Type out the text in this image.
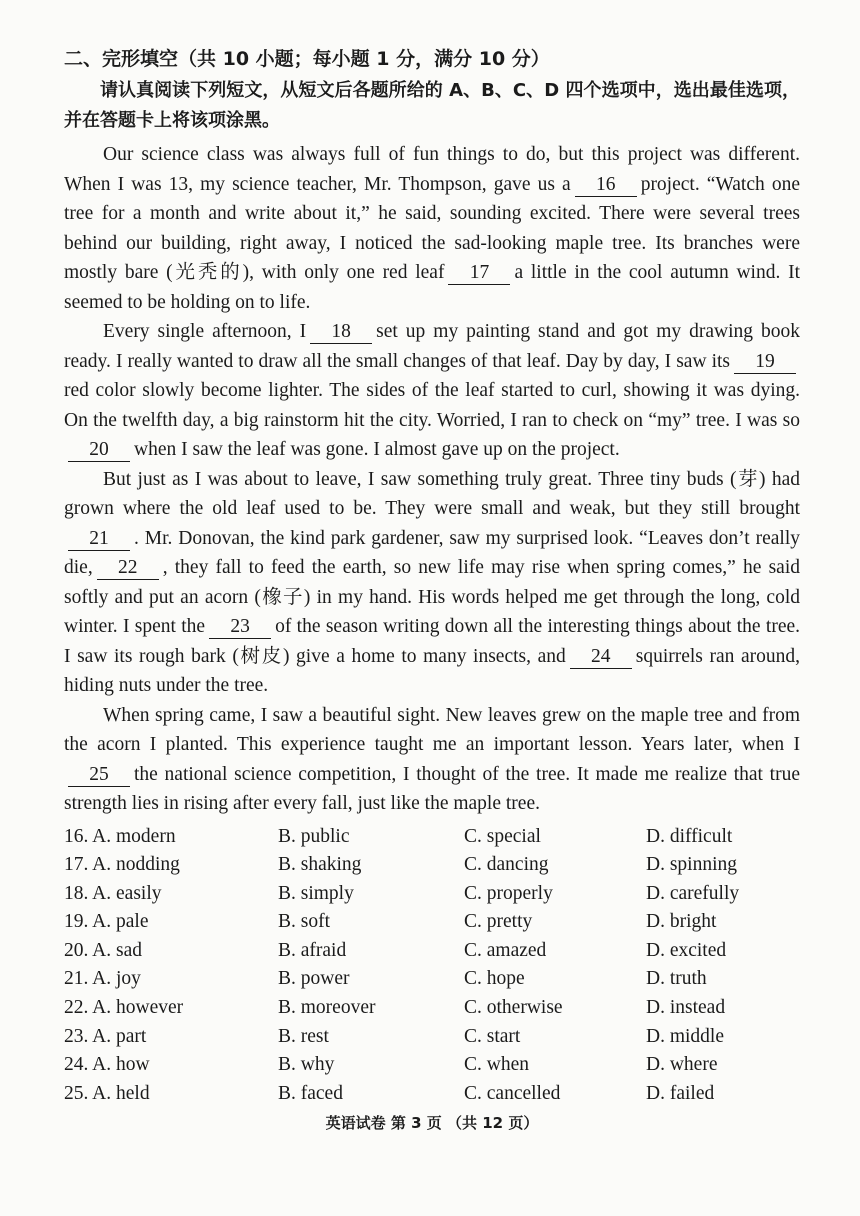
二、完形填空（共 10 小题；每小题 1 分，满分 10 分）

请认真阅读下列短文，从短文后各题所给的 A、B、C、D 四个选项中，选出最佳选项，并在答题卡上将该项涂黑。

Our science class was always full of fun things to do, but this project was different. When I was 13, my science teacher, Mr. Thompson, gave us a 16 project. “Watch one tree for a month and write about it,” he said, sounding excited. There were several trees behind our building, right away, I noticed the sad-looking maple tree. Its branches were mostly bare (光秃的), with only one red leaf 17 a little in the cool autumn wind. It seemed to be holding on to life.

Every single afternoon, I 18 set up my painting stand and got my drawing book ready. I really wanted to draw all the small changes of that leaf. Day by day, I saw its 19red color slowly become lighter. The sides of the leaf started to curl, showing it was dying. On the twelfth day, a big rainstorm hit the city. Worried, I ran to check on “my” tree. I was so20 when I saw the leaf was gone. I almost gave up on the project.

But just as I was about to leave, I saw something truly great. Three tiny buds (芽) had grown where the old leaf used to be. They were small and weak, but they still brought21 . Mr. Donovan, the kind park gardener, saw my surprised look. “Leaves don’t really die, 22 , they fall to feed the earth, so new life may rise when spring comes,” he said softly and put an acorn (橡子) in my hand. His words helped me get through the long, cold winter. I spent the 23 of the season writing down all the interesting things about the tree. I saw its rough bark (树皮) give a home to many insects, and 24 squirrels ran around, hiding nuts under the tree.

When spring came, I saw a beautiful sight. New leaves grew on the maple tree and from the acorn I planted. This experience taught me an important lesson. Years later, when I25 the national science competition, I thought of the tree. It made me realize that true strength lies in rising after every fall, just like the maple tree.

16. A. modern	B. public	C. special	D. difficult
17. A. nodding	B. shaking	C. dancing	D. spinning
18. A. easily	B. simply	C. properly	D. carefully
19. A. pale	B. soft	C. pretty	D. bright
20. A. sad	B. afraid	C. amazed	D. excited
21. A. joy	B. power	C. hope	D. truth
22. A. however	B. moreover	C. otherwise	D. instead
23. A. part	B. rest	C. start	D. middle
24. A. how	B. why	C. when	D. where
25. A. held	B. faced	C. cancelled	D. failed
英语试卷 第 3 页 （共 12 页）
